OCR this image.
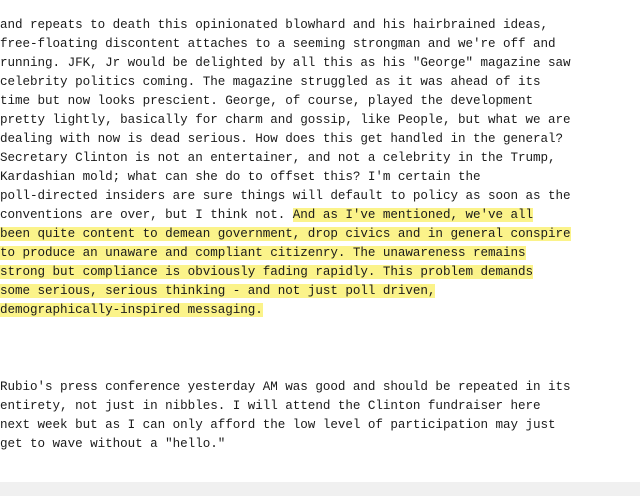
and repeats to death this opinionated blowhard and his hairbrained ideas,
free-floating discontent attaches to a seeming strongman and we're off and
running. JFK, Jr would be delighted by all this as his "George" magazine saw
celebrity politics coming. The magazine struggled as it was ahead of its
time but now looks prescient. George, of course, played the development
pretty lightly, basically for charm and gossip, like People, but what we are
dealing with now is dead serious. How does this get handled in the general?
Secretary Clinton is not an entertainer, and not a celebrity in the Trump,
Kardashian mold; what can she do to offset this? I'm certain the
poll-directed insiders are sure things will default to policy as soon as the
conventions are over, but I think not. And as I've mentioned, we've all
been quite content to demean government, drop civics and in general conspire
to produce an unaware and compliant citizenry. The unawareness remains
strong but compliance is obviously fading rapidly. This problem demands
some serious, serious thinking - and not just poll driven,
demographically-inspired messaging.
Rubio's press conference yesterday AM was good and should be repeated in its
entirety, not just in nibbles. I will attend the Clinton fundraiser here
next week but as I can only afford the low level of participation may just
get to wave without a "hello."
